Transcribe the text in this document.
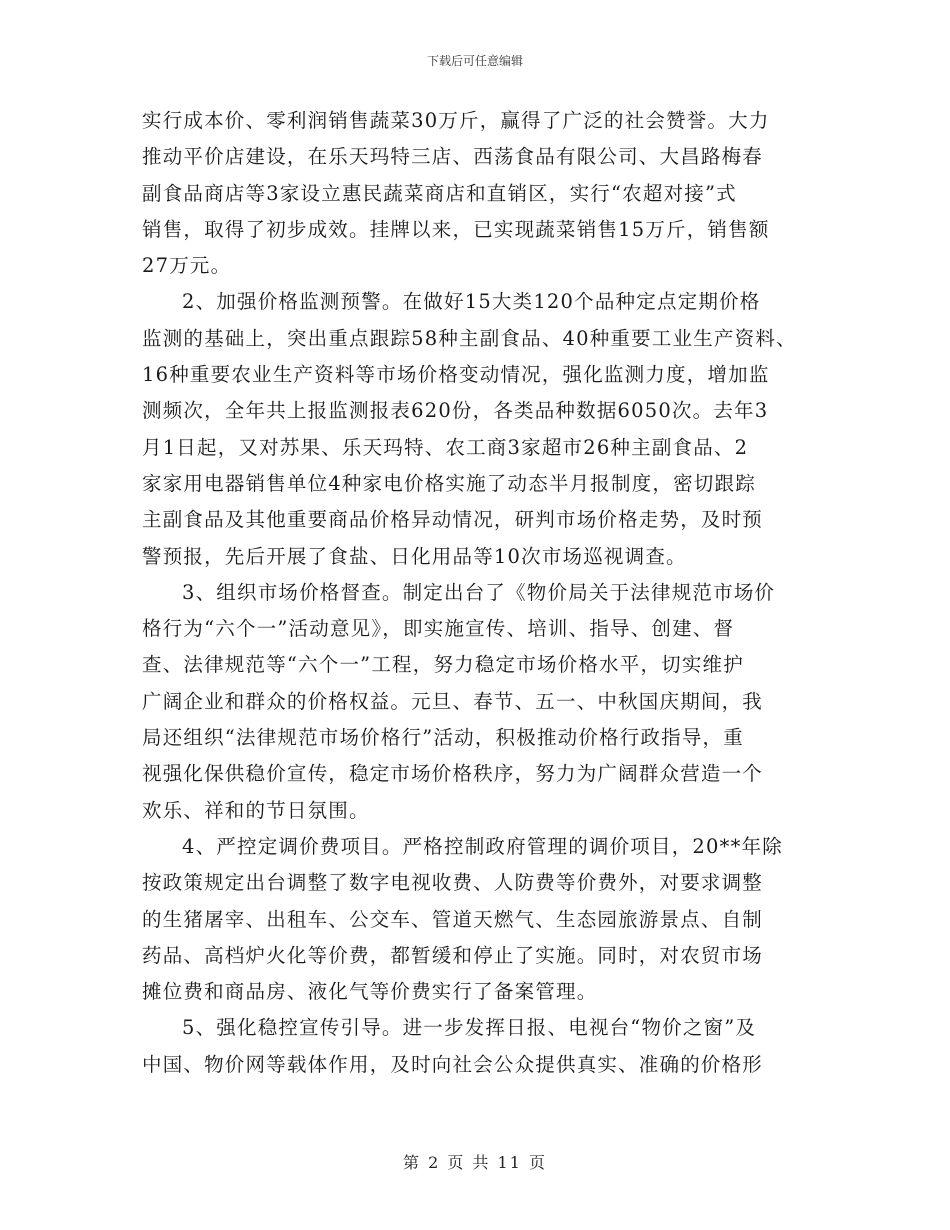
下载后可任意编辑
实行成本价、零利润销售蔬菜30万斤，赢得了广泛的社会赞誉。大力
推动平价店建设，在乐天玛特三店、西荡食品有限公司、大昌路梅春
副食品商店等3家设立惠民蔬菜商店和直销区，实行“农超对接”式
销售，取得了初步成效。挂牌以来，已实现蔬菜销售15万斤，销售额
27万元。
2、加强价格监测预警。在做好15大类120个品种定点定期价格
监测的基础上，突出重点跟踪58种主副食品、40种重要工业生产资料、
16种重要农业生产资料等市场价格变动情况，强化监测力度，增加监
测频次，全年共上报监测报表620份，各类品种数据6050次。去年3
月1日起，又对苏果、乐天玛特、农工商3家超市26种主副食品、2
家家用电器销售单位4种家电价格实施了动态半月报制度，密切跟踪
主副食品及其他重要商品价格异动情况，研判市场价格走势，及时预
警预报，先后开展了食盐、日化用品等10次市场巡视调查。
3、组织市场价格督查。制定出台了《物价局关于法律规范市场价
格行为“六个一”活动意见》，即实施宣传、培训、指导、创建、督
查、法律规范等“六个一”工程，努力稳定市场价格水平，切实维护
广阔企业和群众的价格权益。元旦、春节、五一、中秋国庆期间，我
局还组织“法律规范市场价格行”活动，积极推动价格行政指导，重
视强化保供稳价宣传，稳定市场价格秩序，努力为广阔群众营造一个
欢乐、祥和的节日氛围。
4、严控定调价费项目。严格控制政府管理的调价项目，20**年除
按政策规定出台调整了数字电视收费、人防费等价费外，对要求调整
的生猪屠宰、出租车、公交车、管道天燃气、生态园旅游景点、自制
药品、高档炉火化等价费，都暂缓和停止了实施。同时，对农贸市场
摊位费和商品房、液化气等价费实行了备案管理。
5、强化稳控宣传引导。进一步发挥日报、电视台“物价之窗”及
中国、物价网等载体作用，及时向社会公众提供真实、准确的价格形
第 2 页 共 11 页
